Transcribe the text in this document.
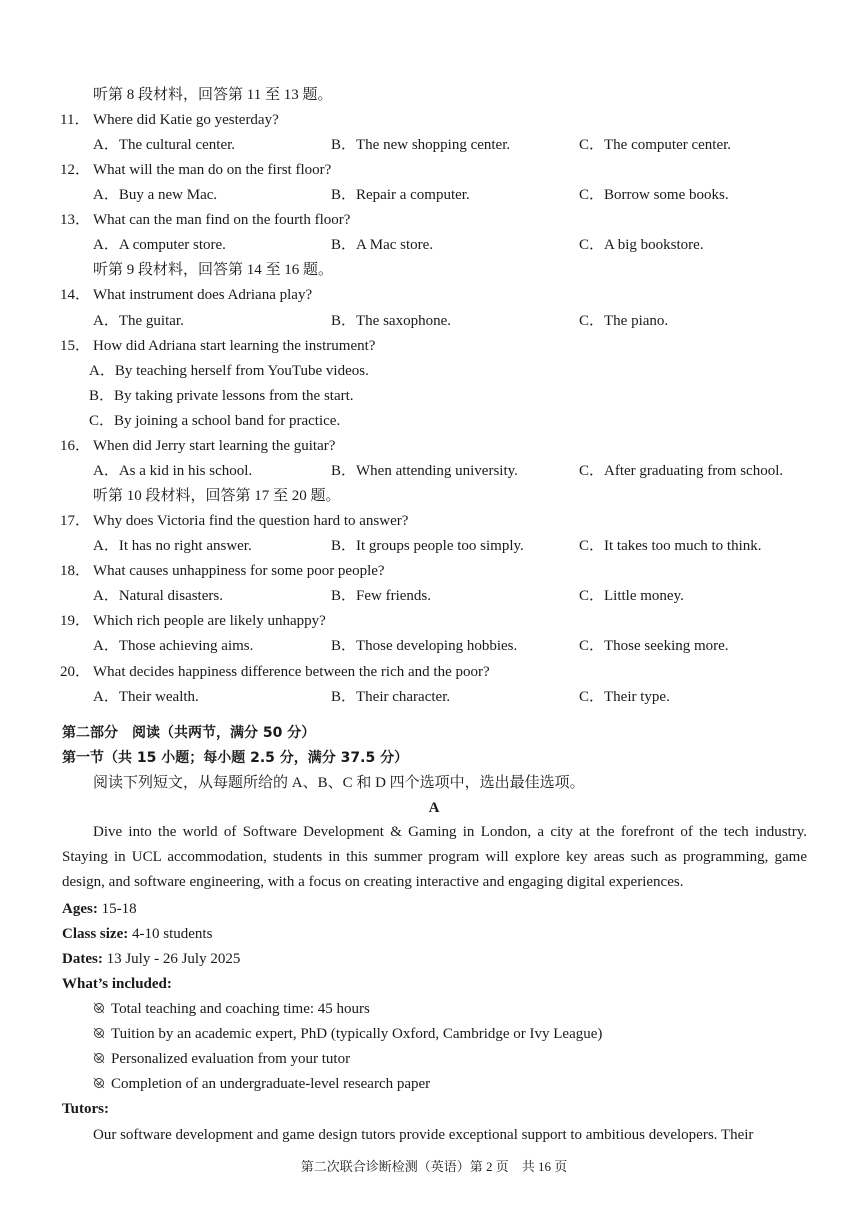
听第 8 段材料，回答第 11 至 13 题。
11． Where did Katie go yesterday?
A．The cultural center.	B．The new shopping center.	C．The computer center.
12． What will the man do on the first floor?
A．Buy a new Mac.	B．Repair a computer.	C．Borrow some books.
13． What can the man find on the fourth floor?
A．A computer store.	B．A Mac store.	C．A big bookstore.
听第 9 段材料，回答第 14 至 16 题。
14． What instrument does Adriana play?
A．The guitar.	B．The saxophone.	C．The piano.
15． How did Adriana start learning the instrument?
A．By teaching herself from YouTube videos.
B．By taking private lessons from the start.
C．By joining a school band for practice.
16． When did Jerry start learning the guitar?
A．As a kid in his school.	B．When attending university.	C．After graduating from school.
听第 10 段材料，回答第 17 至 20 题。
17． Why does Victoria find the question hard to answer?
A．It has no right answer.	B．It groups people too simply.	C．It takes too much to think.
18． What causes unhappiness for some poor people?
A．Natural disasters.	B．Few friends.	C．Little money.
19． Which rich people are likely unhappy?
A．Those achieving aims.	B．Those developing hobbies.	C．Those seeking more.
20． What decides happiness difference between the rich and the poor?
A．Their wealth.	B．Their character.	C．Their type.
第二部分　阅读（共两节，满分 50 分）
第一节（共 15 小题；每小题 2.5 分，满分 37.5 分）
阅读下列短文，从每题所给的 A、B、C 和 D 四个选项中，选出最佳选项。
A
Dive into the world of Software Development & Gaming in London, a city at the forefront of the tech industry. Staying in UCL accommodation, students in this summer program will explore key areas such as programming, game design, and software engineering, with a focus on creating interactive and engaging digital experiences.
Ages: 15-18
Class size: 4-10 students
Dates: 13 July - 26 July 2025
What’s included:
Total teaching and coaching time: 45 hours
Tuition by an academic expert, PhD (typically Oxford, Cambridge or Ivy League)
Personalized evaluation from your tutor
Completion of an undergraduate-level research paper
Tutors:
Our software development and game design tutors provide exceptional support to ambitious developers. Their
第二次联合诊断检测（英语）第 2 页　共 16 页
